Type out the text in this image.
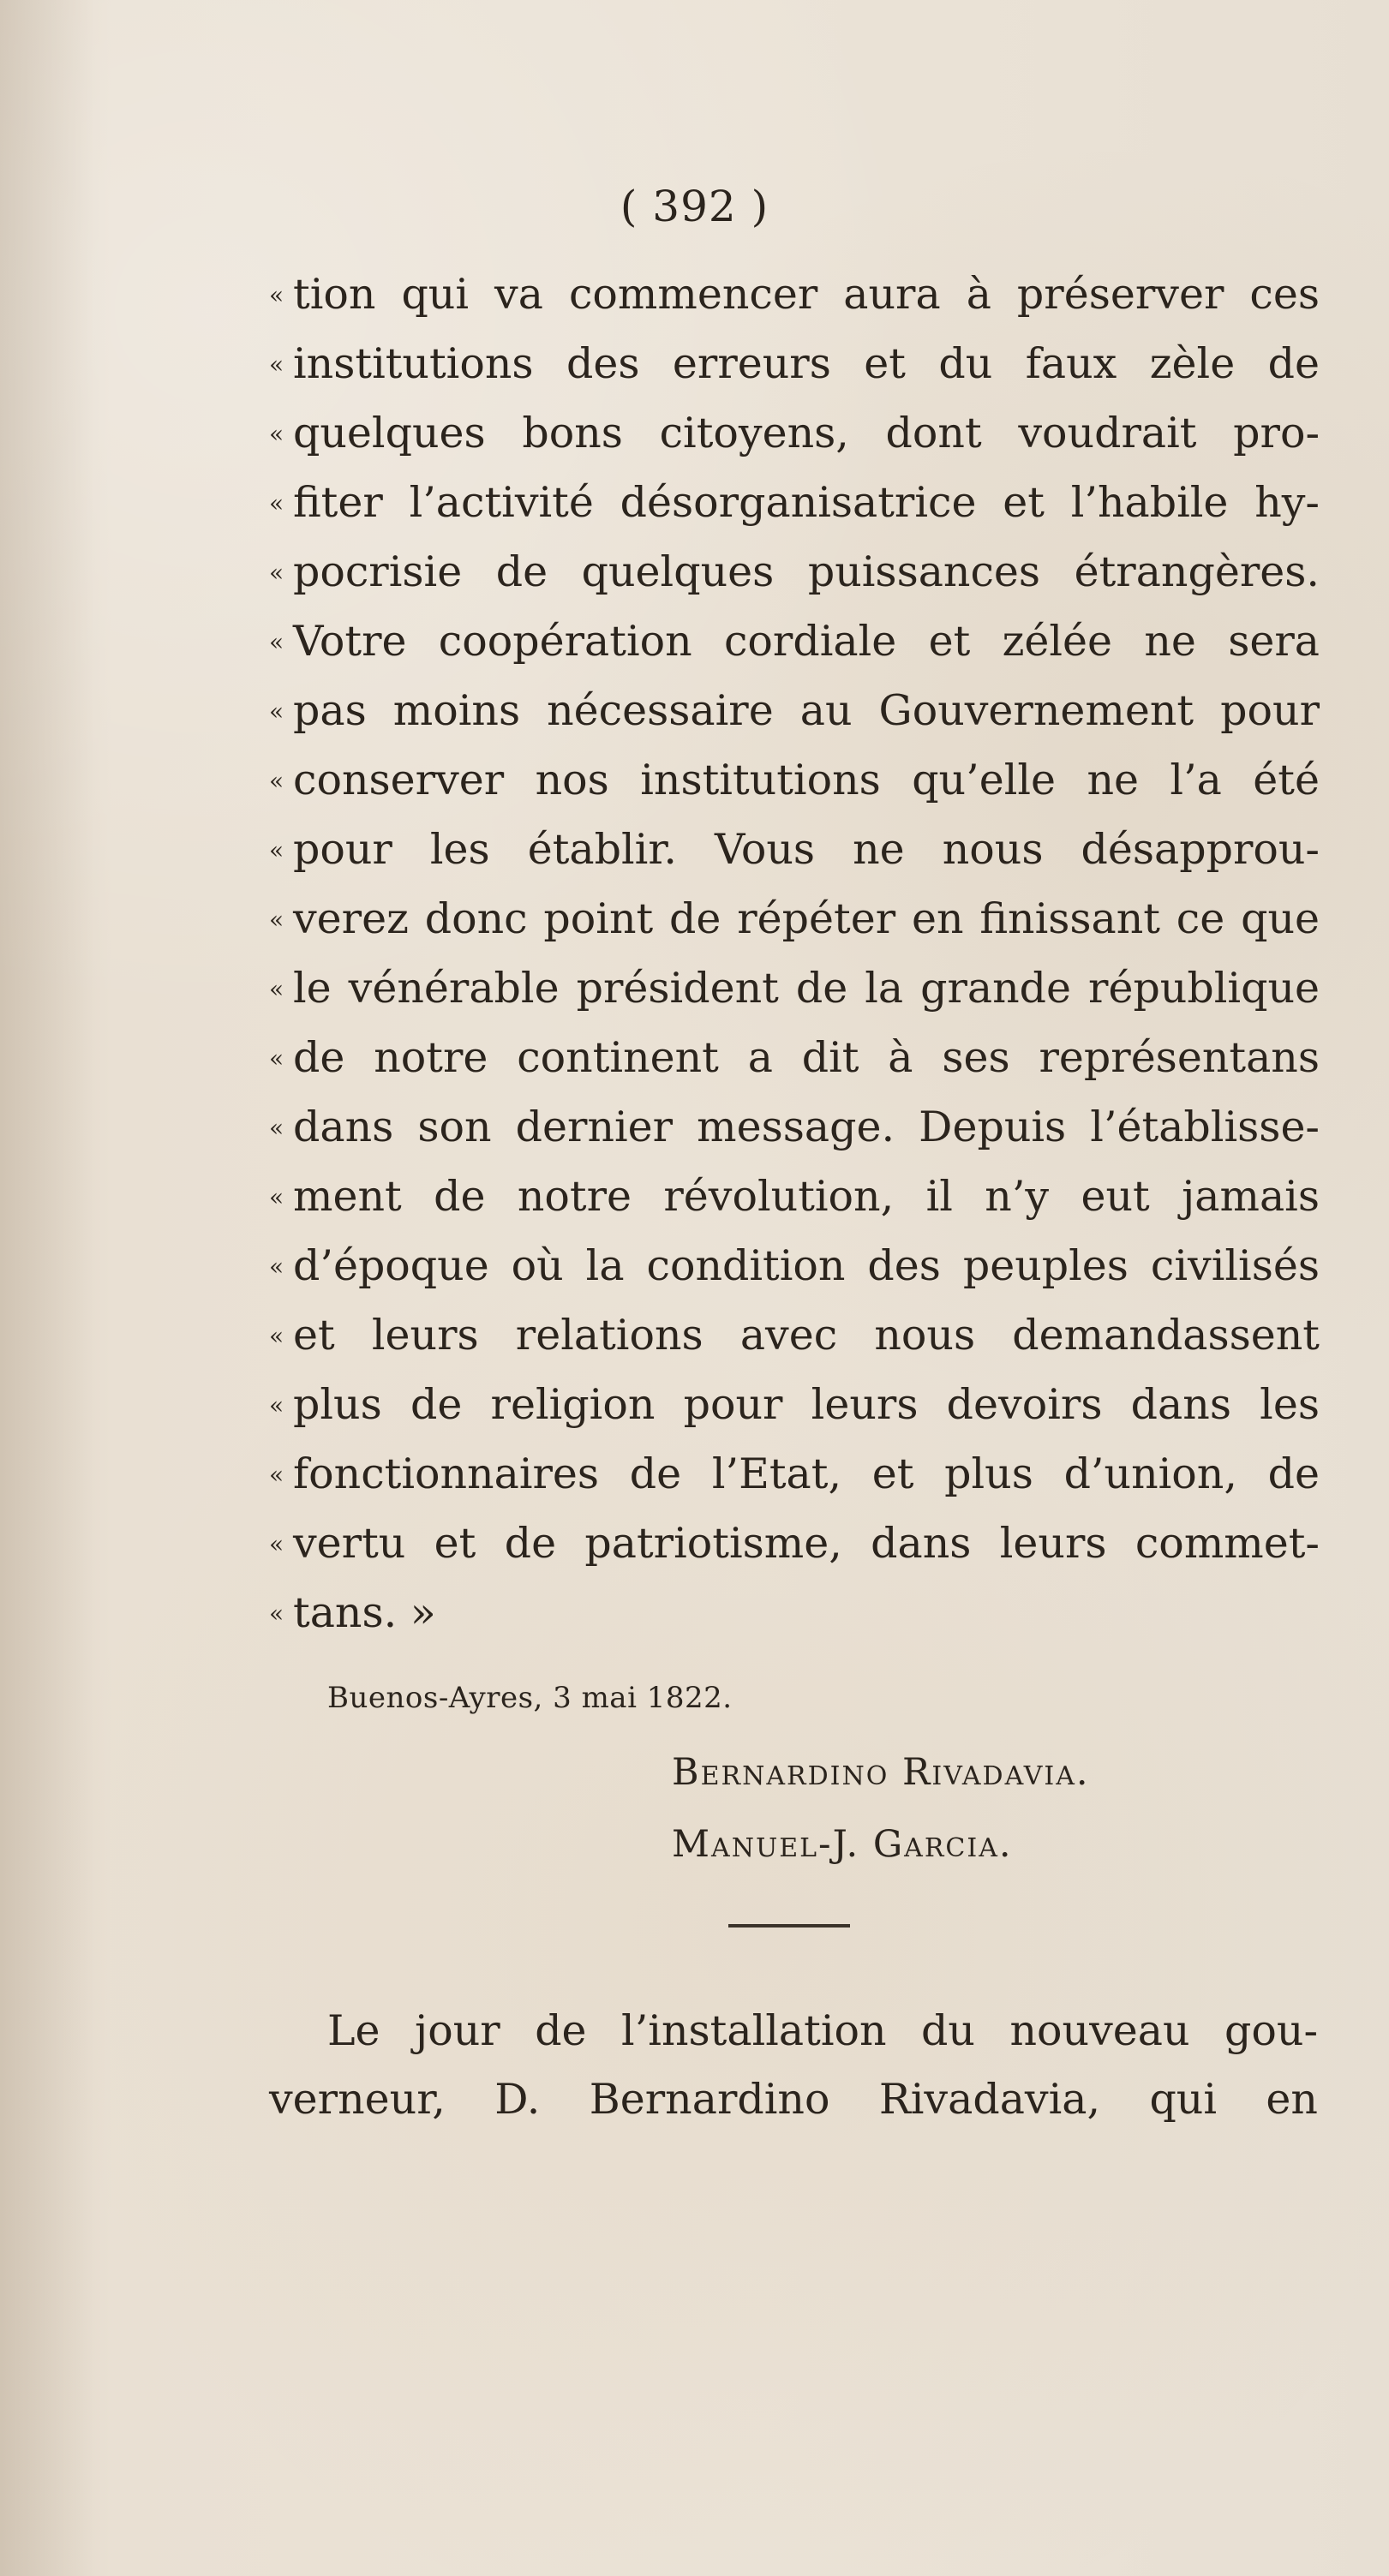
( 392 )
« tion qui va commencer aura à préserver ces
« institutions des erreurs et du faux zèle de
« quelques bons citoyens, dont voudrait pro-
« fiter l’activité désorganisatrice et l’habile hy-
« pocrisie de quelques puissances étrangères.
« Votre coopération cordiale et zélée ne sera
« pas moins nécessaire au Gouvernement pour
« conserver nos institutions qu’elle ne l’a été
« pour les établir. Vous ne nous désapprou-
« verez donc point de répéter en finissant ce que
« le vénérable président de la grande république
« de notre continent a dit à ses représentans
« dans son dernier message. Depuis l’établisse-
« ment de notre révolution, il n’y eut jamais
« d’époque où la condition des peuples civilisés
« et leurs relations avec nous demandassent
« plus de religion pour leurs devoirs dans les
« fonctionnaires de l’Etat, et plus d’union, de
« vertu et de patriotisme, dans leurs commet-
« tans. »
Buenos-Ayres, 3 mai 1822.
Bernardino Rivadavia.
Manuel-J. Garcia.
Le jour de l’installation du nouveau gou-
verneur, D. Bernardino Rivadavia, qui en
